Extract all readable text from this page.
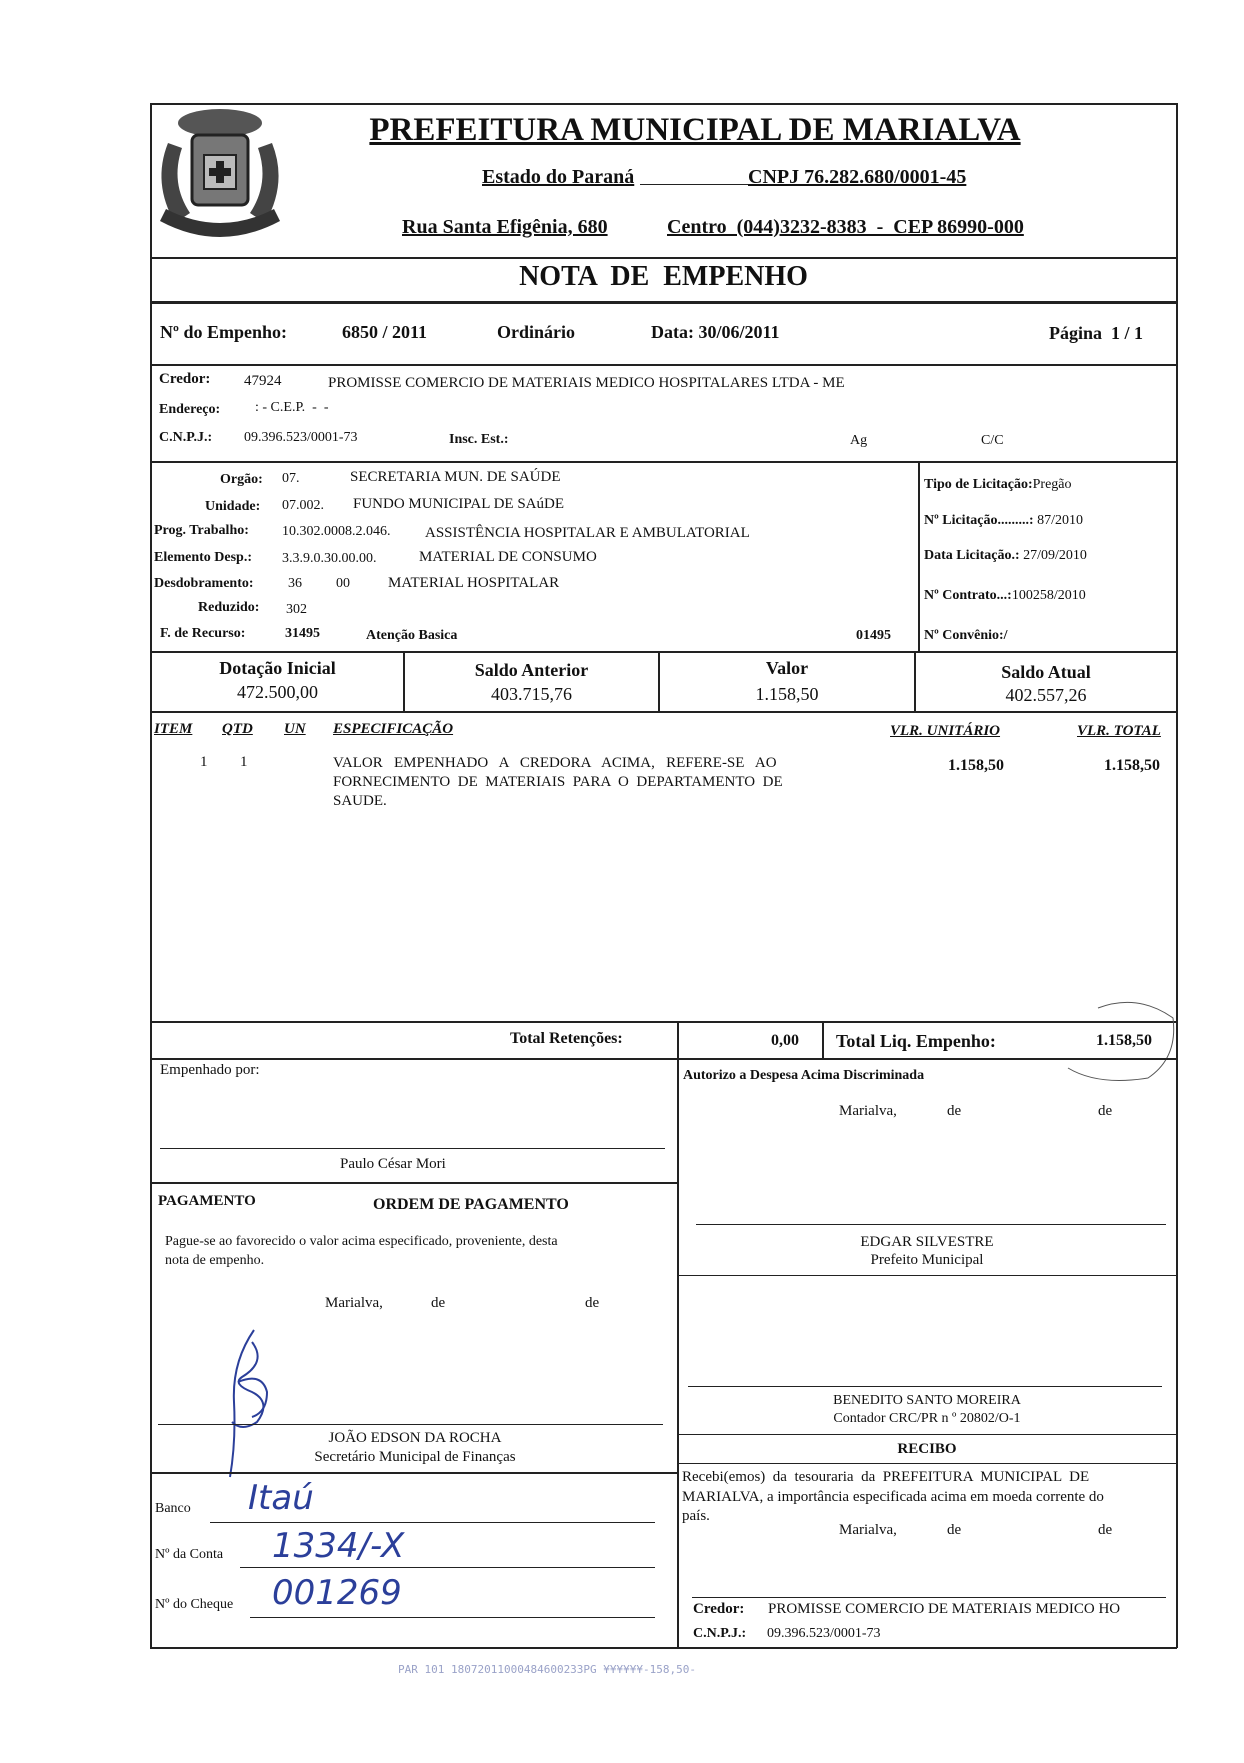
PREFEITURA MUNICIPAL DE MARIALVA
Estado do Paraná	CNPJ 76.282.680/0001-45
Rua Santa Efigênia, 680	Centro  (044)3232-8383  -  CEP 86990-000
NOTA  DE  EMPENHO
Nº do Empenho:	6850 / 2011	Ordinário	Data: 30/06/2011	Página  1 / 1
Credor: 47924	PROMISSE COMERCIO DE MATERIAIS MEDICO HOSPITALARES LTDA - ME
Endereço: : - C.E.P.  -  -
C.N.P.J.: 09.396.523/0001-73	Insc. Est.:	Ag	C/C
Orgão: 07.	SECRETARIA MUN. DE SAÚDE
Unidade: 07.002. FUNDO MUNICIPAL DE SAúDE
Prog. Trabalho: 10.302.0008.2.046. ASSISTÊNCIA HOSPITALAR E AMBULATORIAL
Elemento Desp.: 3.3.9.0.30.00.00.	MATERIAL DE CONSUMO
Desdobramento: 36 00	MATERIAL HOSPITALAR
Reduzido: 302
F. de Recurso:	31495	Atenção Basica	01495
Tipo de Licitação:Pregão
Nº Licitação.........: 87/2010
Data Licitação.: 27/09/2010
Nº Contrato...:100258/2010
Nº Convênio:/
Dotação Inicial
472.500,00
Saldo Anterior
403.715,76
Valor
1.158,50
Saldo Atual
402.557,26
ITEM QTD UN ESPECIFICAÇÃO	VLR. UNITÁRIO	VLR. TOTAL
1 1	VALOR   EMPENHADO   A   CREDORA   ACIMA,   REFERE-SE   AO
FORNECIMENTO  DE  MATERIAIS  PARA  O  DEPARTAMENTO  DE
SAUDE.
1.158,50	1.158,50
Total Retenções:	0,00 Total Liq. Empenho:	1.158,50
Empenhado por:
Paulo César Mori
Autorizo a Despesa Acima Discriminada
Marialva,	de	de
EDGAR SILVESTRE
Prefeito Municipal
PAGAMENTO	ORDEM DE PAGAMENTO
Pague-se ao favorecido o valor acima especificado, proveniente, desta
nota de empenho.
Marialva,	de	de
JOÃO EDSON DA ROCHA
Secretário Municipal de Finanças
Banco Itaú
Nº da Conta 1334/-X
Nº do Cheque 001269
BENEDITO SANTO MOREIRA
Contador CRC/PR n º 20802/O-1
RECIBO
Recebi(emos)  da  tesouraria  da  PREFEITURA  MUNICIPAL  DE
MARIALVA, a importância especificada acima em moeda corrente do
país.
Marialva,	de	de
Credor: PROMISSE COMERCIO DE MATERIAIS MEDICO HO
C.N.P.J.: 09.396.523/0001-73
PAR 101 18072011000484600233PG ¥¥¥¥¥¥-158,50-
